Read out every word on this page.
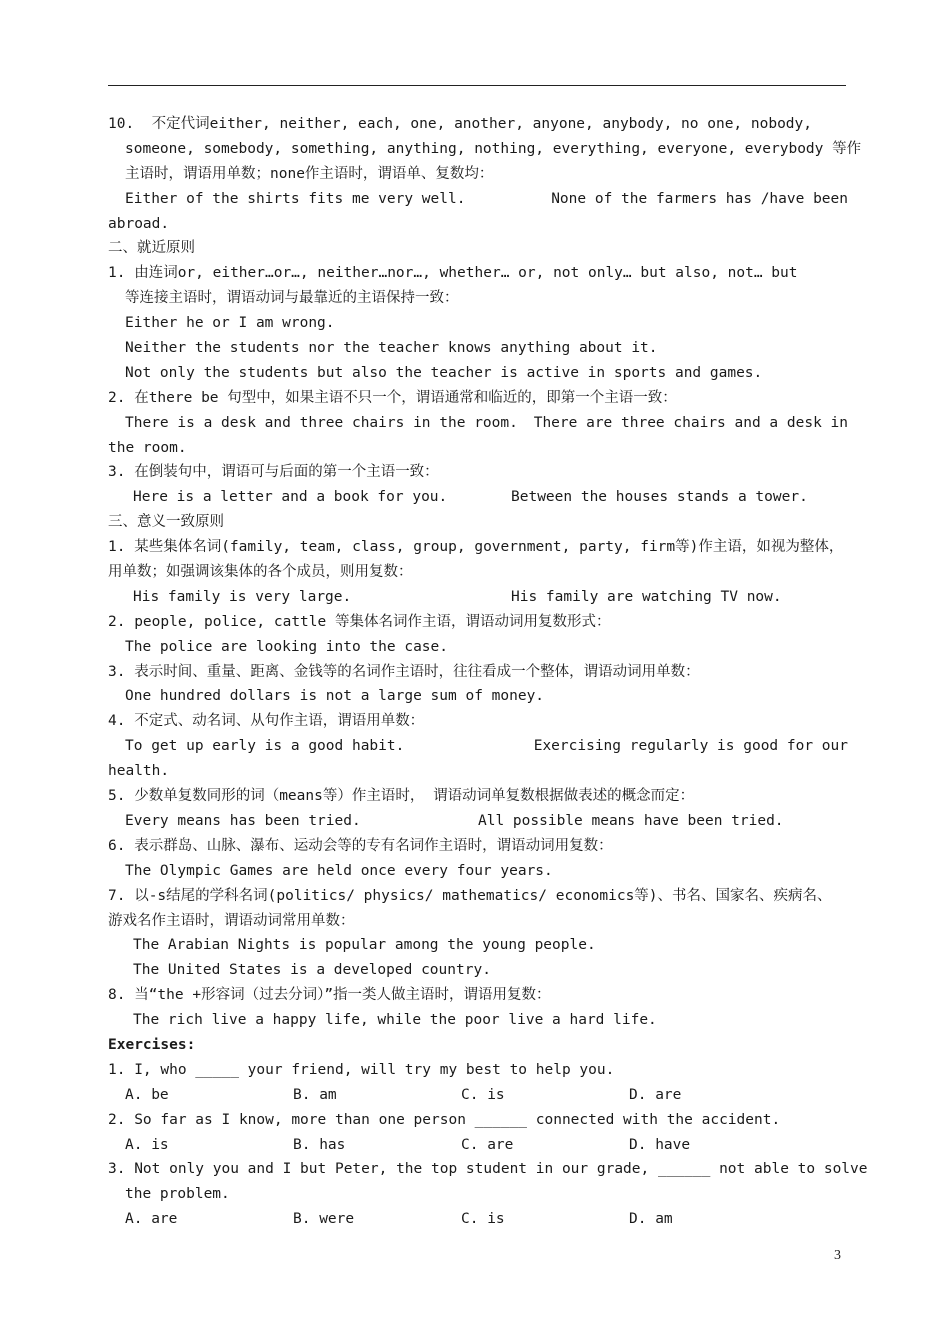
10.  不定代词either, neither, each, one, another, anyone, anybody, no one, nobody,
someone, somebody, something, anything, nothing, everything, everyone, everybody 等作
主语时，谓语用单数；none作主语时，谓语单、复数均：
Either of the shirts fits me very well.	None of the farmers has /have been
abroad.
二、就近原则
1. 由连词or, either…or…, neither…nor…, whether… or, not only… but also, not… but
等连接主语时，谓语动词与最靠近的主语保持一致：
Either he or I am wrong.
Neither the students nor the teacher knows anything about it.
Not only the students but also the teacher is active in sports and games.
2. 在there be 句型中，如果主语不只一个，谓语通常和临近的，即第一个主语一致：
There is a desk and three chairs in the room. There are three chairs and a desk in
the room.
3. 在倒装句中，谓语可与后面的第一个主语一致：
Here is a letter and a book for you.	Between the houses stands a tower.
三、意义一致原则
1. 某些集体名词(family, team, class, group, government, party, firm等)作主语，如视为整体，
用单数；如强调该集体的各个成员，则用复数：
His family is very large.	His family are watching TV now.
2. people, police, cattle 等集体名词作主语，谓语动词用复数形式：
The police are looking into the case.
3. 表示时间、重量、距离、金钱等的名词作主语时，往往看成一个整体，谓语动词用单数：
One hundred dollars is not a large sum of money.
4. 不定式、动名词、从句作主语，谓语用单数：
To get up early is a good habit.	Exercising regularly is good for our
health.
5. 少数单复数同形的词（means等）作主语时， 谓语动词单复数根据做表述的概念而定：
Every means has been tried.	All possible means have been tried.
6. 表示群岛、山脉、瀑布、运动会等的专有名词作主语时，谓语动词用复数：
The Olympic Games are held once every four years.
7. 以-s结尾的学科名词(politics/ physics/ mathematics/ economics等)、书名、国家名、疾病名、
游戏名作主语时，谓语动词常用单数：
The Arabian Nights is popular among the young people.
The United States is a developed country.
8. 当“the +形容词（过去分词）”指一类人做主语时，谓语用复数：
The rich live a happy life, while the poor live a hard life.
Exercises:
1. I, who _____ your friend, will try my best to help you.
A. be	B. am	C. is	D. are
2. So far as I know, more than one person ______ connected with the accident.
A. is	B. has	C. are	D. have
3. Not only you and I but Peter, the top student in our grade, ______ not able to solve
the problem.
A. are	B. were	C. is	D. am
3
